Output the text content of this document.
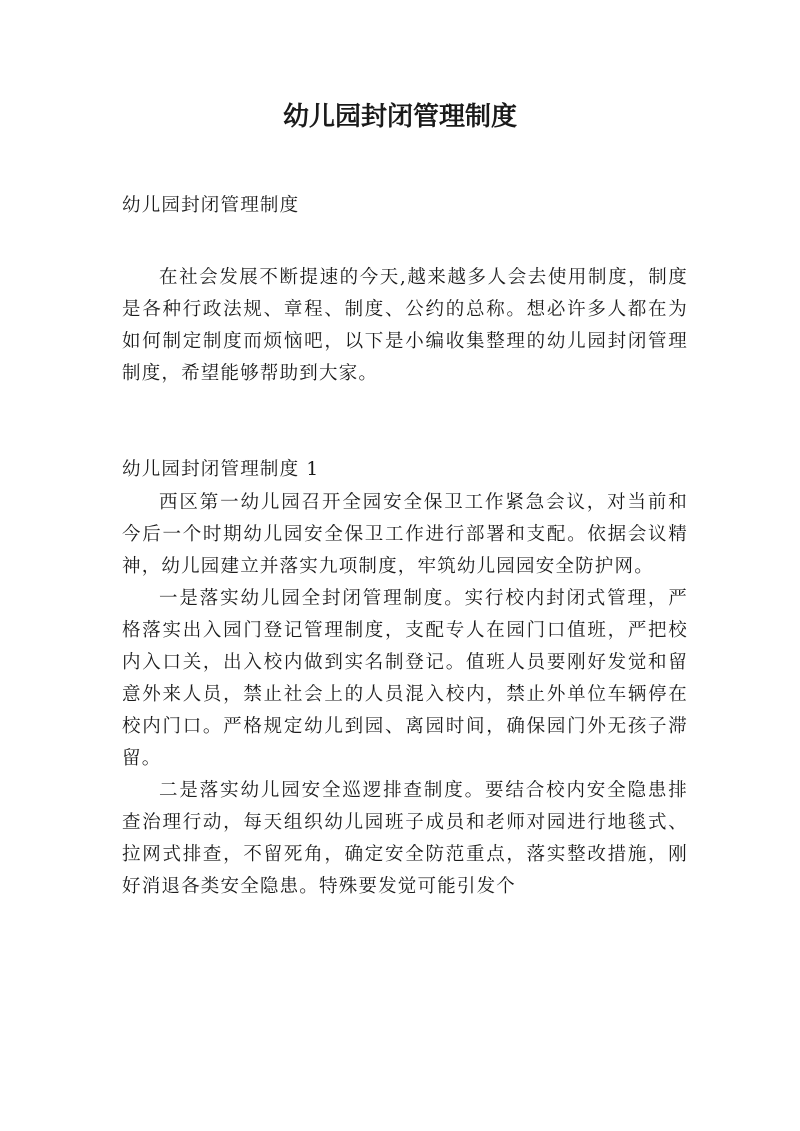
幼儿园封闭管理制度
幼儿园封闭管理制度

在社会发展不断提速的今天,越来越多人会去使用制度，制度是各种行政法规、章程、制度、公约的总称。想必许多人都在为如何制定制度而烦恼吧，以下是小编收集整理的幼儿园封闭管理制度，希望能够帮助到大家。

幼儿园封闭管理制度 1

西区第一幼儿园召开全园安全保卫工作紧急会议，对当前和今后一个时期幼儿园安全保卫工作进行部署和支配。依据会议精神，幼儿园建立并落实九项制度，牢筑幼儿园园安全防护网。

一是落实幼儿园全封闭管理制度。实行校内封闭式管理，严格落实出入园门登记管理制度，支配专人在园门口值班，严把校内入口关，出入校内做到实名制登记。值班人员要刚好发觉和留意外来人员，禁止社会上的人员混入校内，禁止外单位车辆停在校内门口。严格规定幼儿到园、离园时间，确保园门外无孩子滞留。

二是落实幼儿园安全巡逻排查制度。要结合校内安全隐患排查治理行动，每天组织幼儿园班子成员和老师对园进行地毯式、拉网式排查，不留死角，确定安全防范重点，落实整改措施，刚好消退各类安全隐患。特殊要发觉可能引发个
